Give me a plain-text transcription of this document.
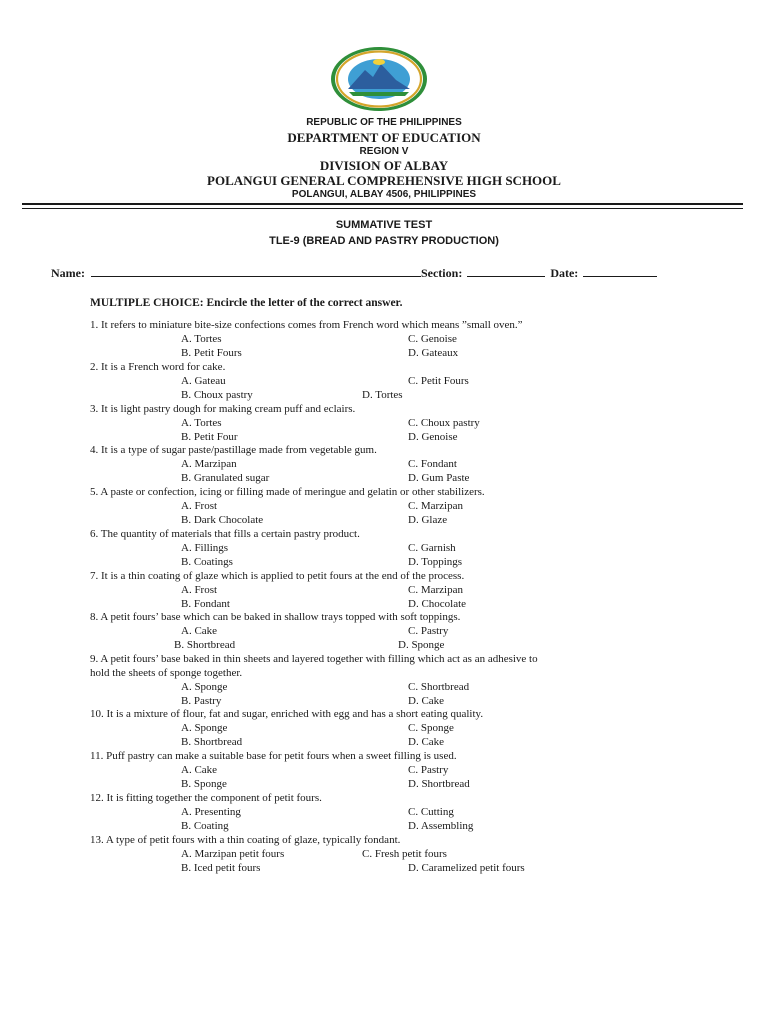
REPUBLIC OF THE PHILIPPINES
DEPARTMENT OF EDUCATION
REGION V
DIVISION OF ALBAY
POLANGUI GENERAL COMPREHENSIVE HIGH SCHOOL
POLANGUI, ALBAY 4506, PHILIPPINES
SUMMATIVE TEST
TLE-9 (BREAD AND PASTRY PRODUCTION)
Name:	Section:	Date:
MULTIPLE CHOICE: Encircle the letter of the correct answer.
1. It refers to miniature bite-size confections comes from French word which means ”small oven.”
A. Tortes	C. Genoise
B. Petit Fours	D. Gateaux
2. It is a French word for cake.
A. Gateau	C. Petit Fours
B. Choux pastry	D. Tortes
3. It is light pastry dough for making cream puff and eclairs.
A. Tortes	C. Choux pastry
B. Petit Four	D. Genoise
4. It is a type of sugar paste/pastillage made from vegetable gum.
A. Marzipan	C. Fondant
B. Granulated sugar	D. Gum Paste
5. A paste or confection, icing or filling made of meringue and gelatin or other stabilizers.
A. Frost	C. Marzipan
B. Dark Chocolate	D. Glaze
6. The quantity of materials that fills a certain pastry product.
A. Fillings	C. Garnish
B. Coatings	D. Toppings
7. It is a thin coating of glaze which is applied to petit fours at the end of the process.
A. Frost	C. Marzipan
B. Fondant	D. Chocolate
8. A petit fours’ base which can be baked in shallow trays topped with soft toppings.
A. Cake	C. Pastry
B. Shortbread	D. Sponge
9. A petit fours’ base baked in thin sheets and layered together with filling which act as an adhesive to
hold the sheets of sponge together.
A. Sponge	C. Shortbread
B. Pastry	D. Cake
10. It is a mixture of flour, fat and sugar, enriched with egg and has a short eating quality.
A. Sponge	C. Sponge
B. Shortbread	D. Cake
11. Puff pastry can make a suitable base for petit fours when a sweet filling is used.
A. Cake	C. Pastry
B. Sponge	D. Shortbread
12. It is fitting together the component of petit fours.
A. Presenting	C. Cutting
B. Coating	D. Assembling
13. A type of petit fours with a thin coating of glaze, typically fondant.
A. Marzipan petit fours	C. Fresh petit fours
B. Iced petit fours	D. Caramelized petit fours
